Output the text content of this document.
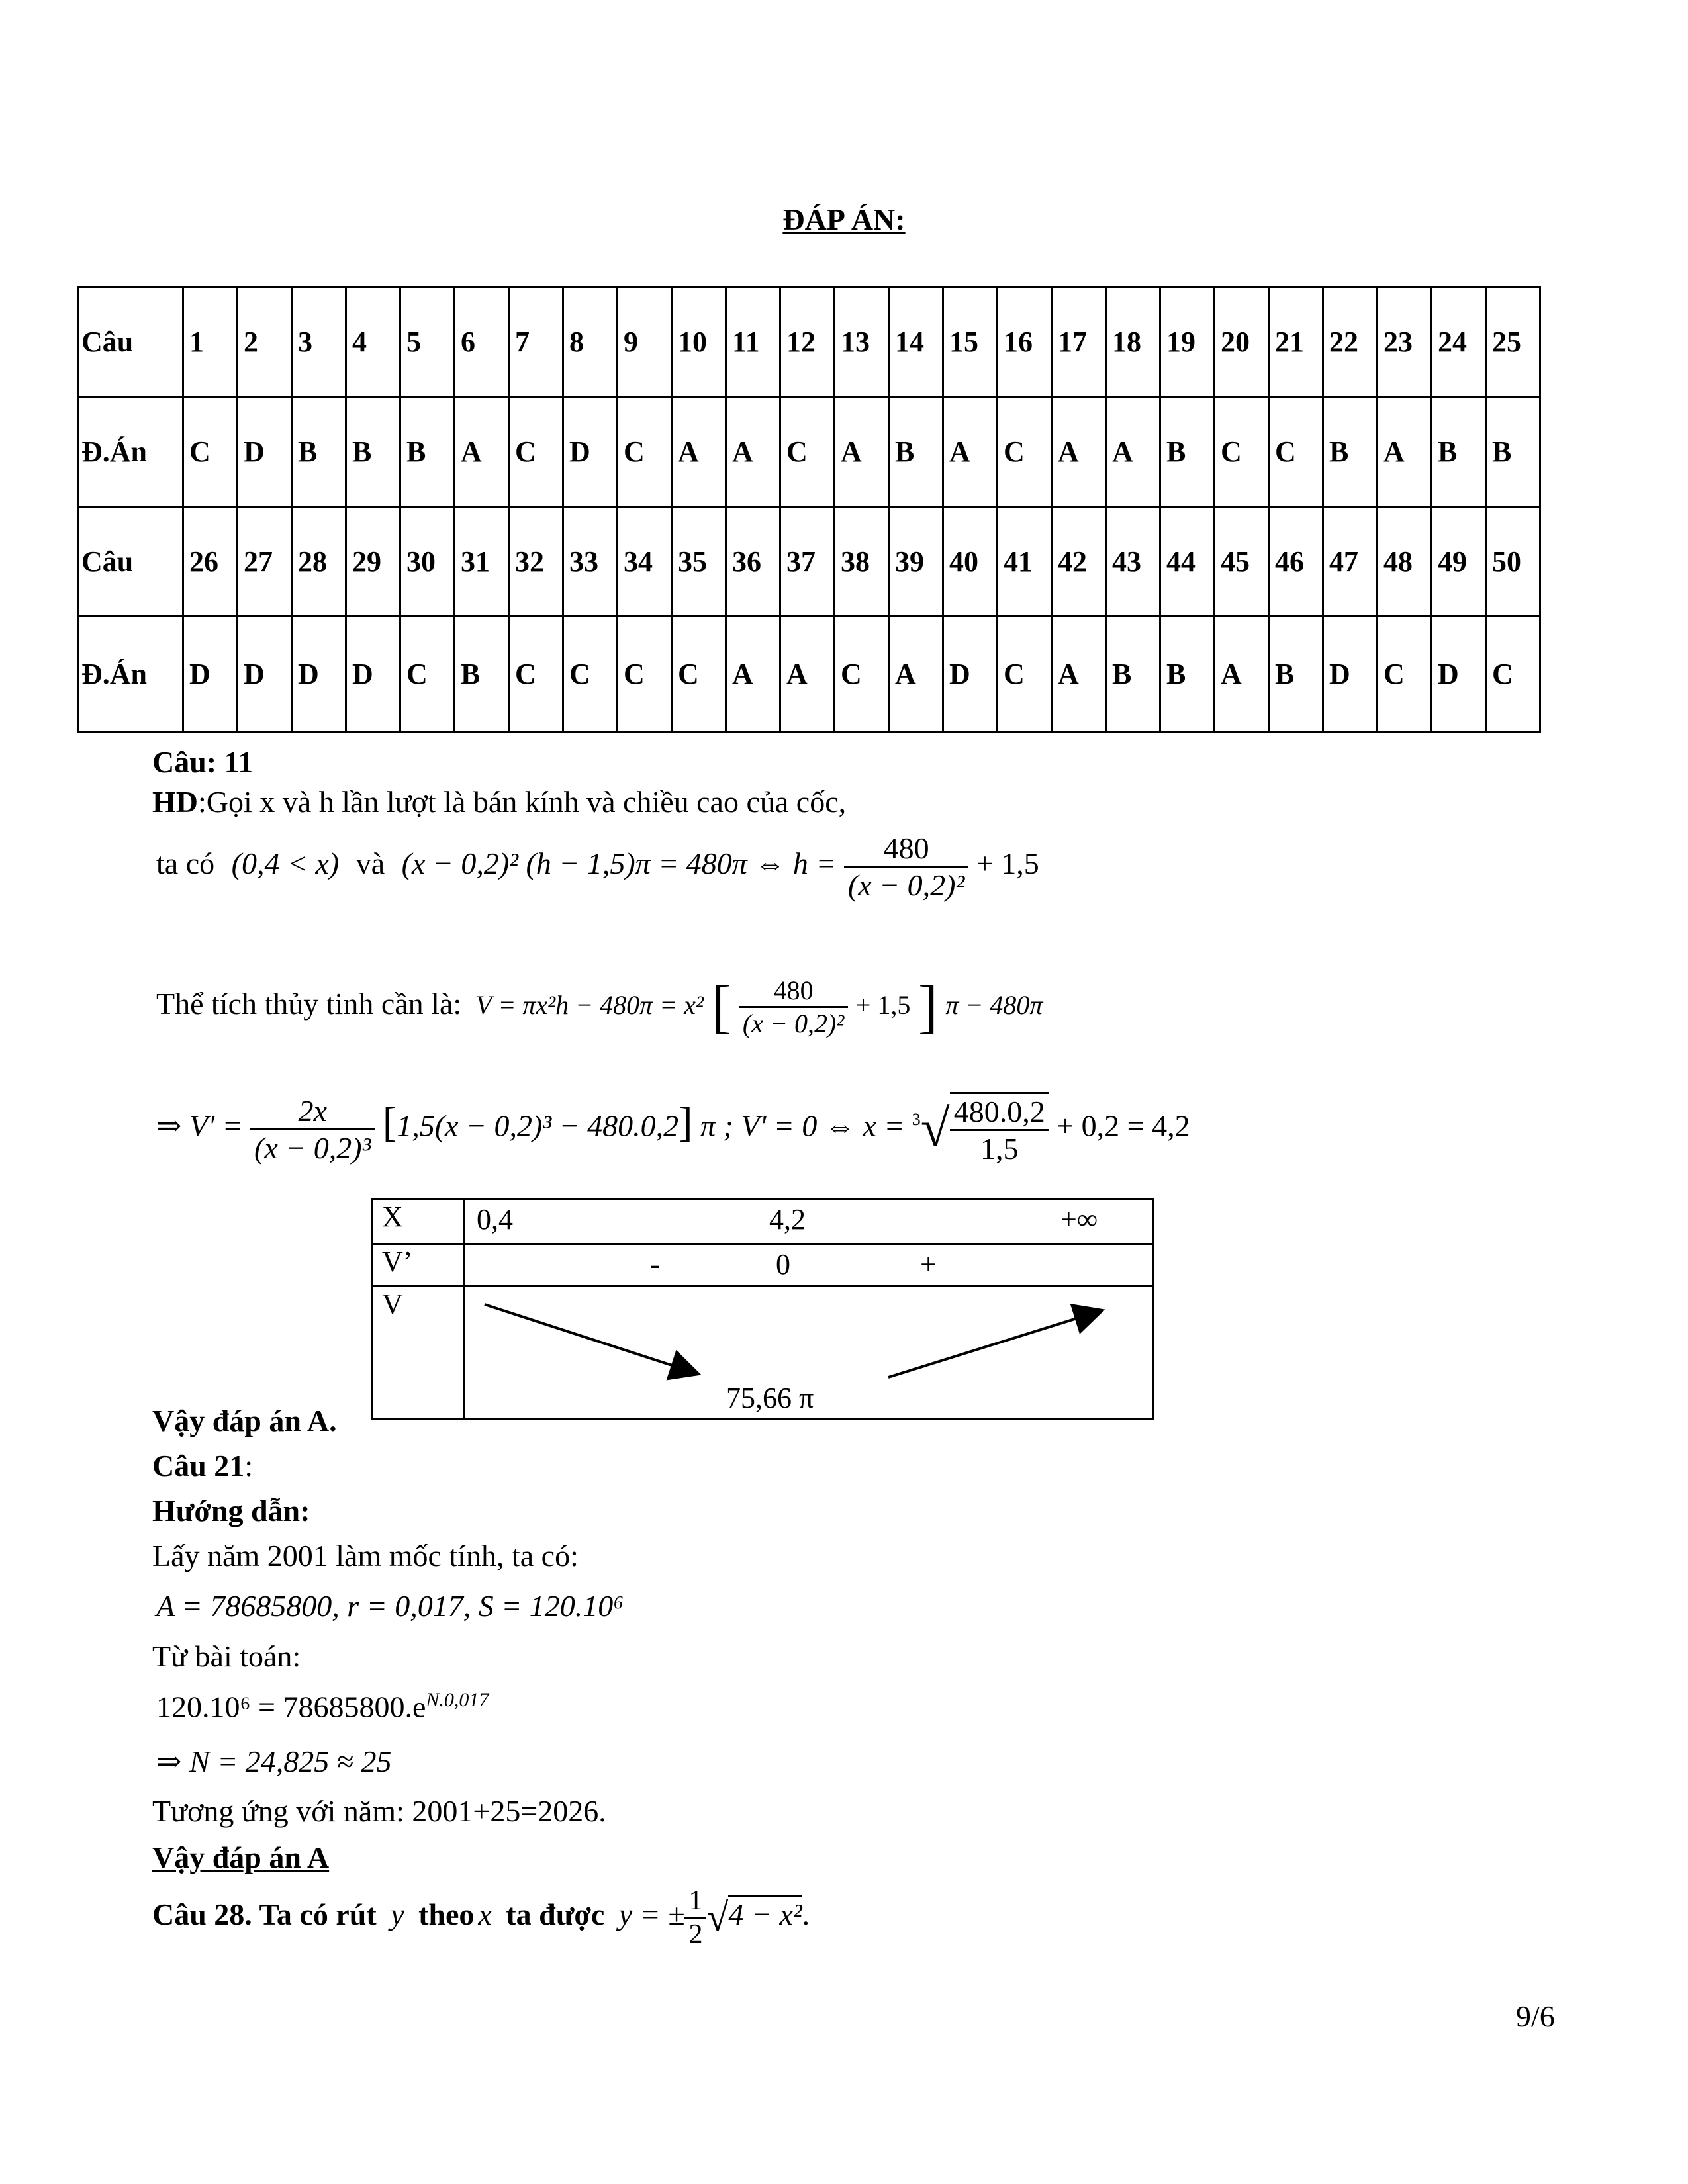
ĐÁP ÁN:
Câu	1	2	3	4	5	6	7	8	9	10	11	12	13	14	15	16	17	18	19	20	21	22	23	24	25
Đ.Án	C	D	B	B	B	A	C	D	C	A	A	C	A	B	A	C	A	A	B	C	C	B	A	B	B
Câu	26	27	28	29	30	31	32	33	34	35	36	37	38	39	40	41	42	43	44	45	46	47	48	49	50
Đ.Án	D	D	D	D	C	B	C	C	C	C	A	A	C	A	D	C	A	B	B	A	B	D	C	D	C
Câu: 11
HD:Gọi x và h lần lượt là bán kính và chiều cao của cốc,
ta có (0,4 < x) và (x − 0,2)² (h − 1,5)π = 480π ⇔ $h = \frac{480}{\text{(x − 0,2)²}} + 1,5$
Thể tích thủy tinh cần là: V = πx²h − 480π = x² [ $\frac{480}{\text{(x − 0,2)²}} + 1,5$ ] π − 480π
⇒ $V' = \frac{2x}{\text{(x − 0,2)³}} [1,5(x - 0,2)^3 - 480.0,2]$ π ; V' = 0 ⇔ $x = ^3√ \frac{480.0,2}{1,5} + 0,2 = 4,2$
X	0,4 4,2 +∞

V’	- 0 +

V	75,66 π
Vậy đáp án A.
Câu 21:
Hướng dẫn:
Lấy năm 2001 làm mốc tính, ta có:
A = 78685800, r = 0,017, S = 120.10⁶
Từ bài toán:
$120.10^6 = 78685800.e^{N.0,017}$
⇒ N = 24,825 ≈ 25
Tương ứng với năm: 2001+25=2026.
Vậy đáp án A
Câu 28. Ta có rút y theo x ta được y = ± $\frac{1}{2} √4 - x^2$.
9/6
